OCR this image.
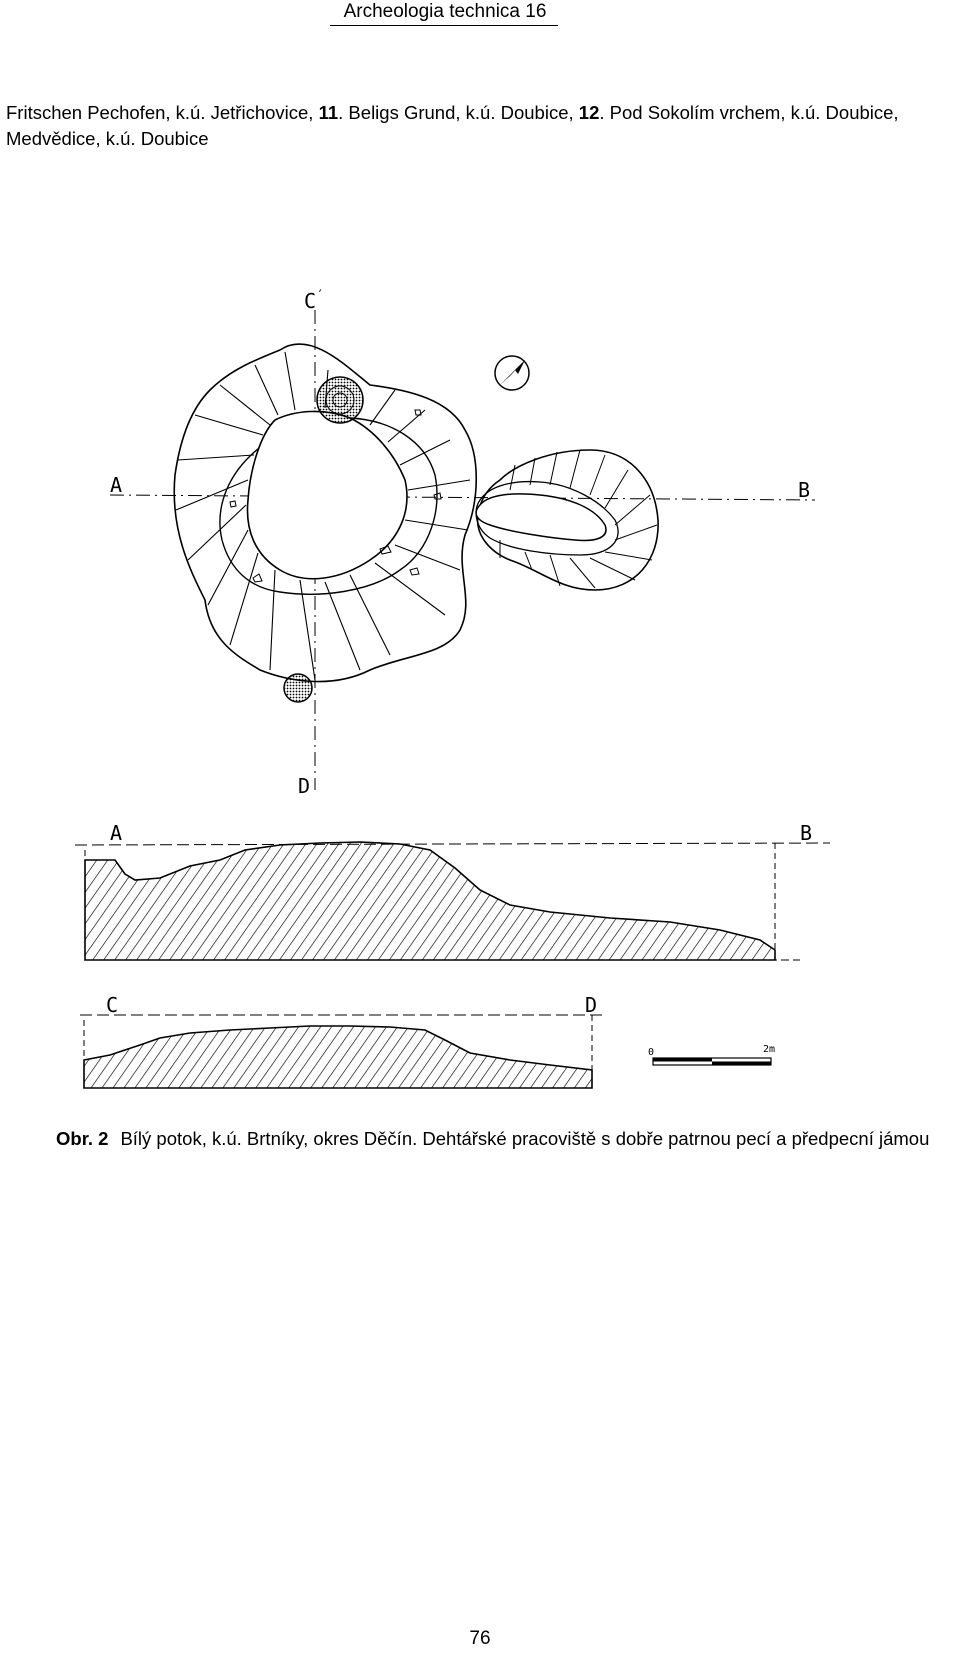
Archeologia technica 16
Fritschen Pechofen, k.ú. Jetřichovice, 11. Beligs Grund, k.ú. Doubice, 12. Pod Sokolím vrchem, k.ú. Doubice, Medvědice, k.ú. Doubice
C ′
A	B
D
A	B
C	D
0	2m
Obr. 2 Bílý potok, k.ú. Brtníky, okres Děčín. Dehtářské pracoviště s dobře patrnou pecí a předpecní jámou
76
